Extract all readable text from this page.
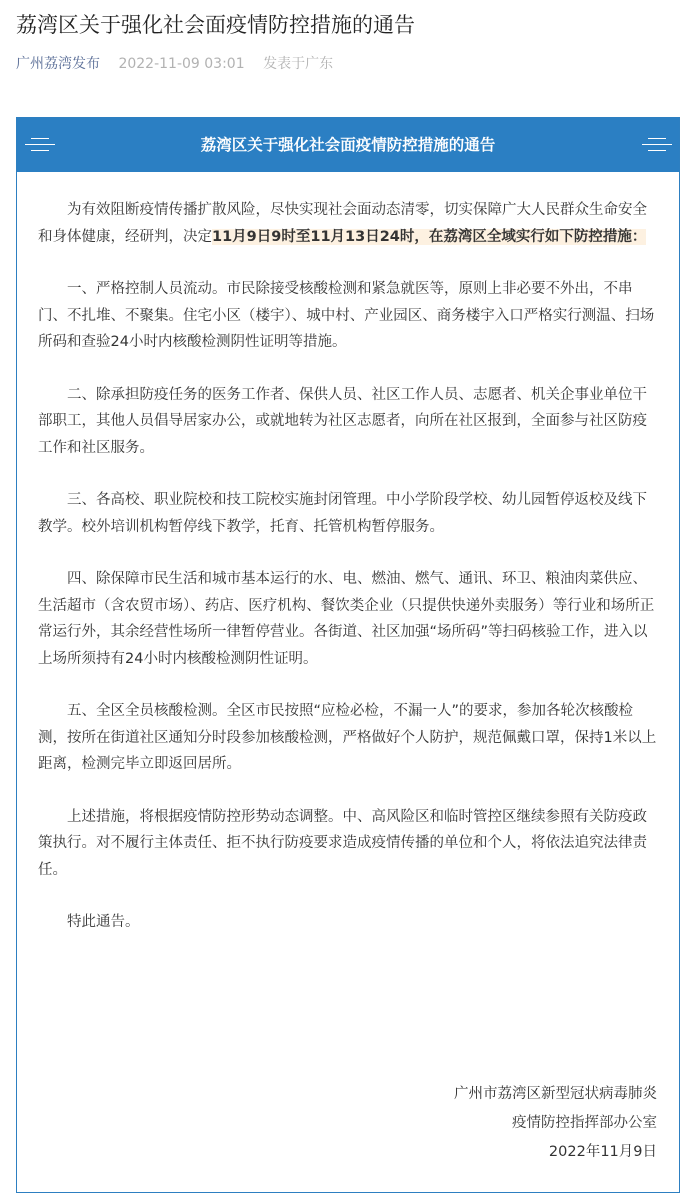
荔湾区关于强化社会面疫情防控措施的通告
广州荔湾发布 2022-11-09 03:01 发表于广东
荔湾区关于强化社会面疫情防控措施的通告

为有效阻断疫情传播扩散风险，尽快实现社会面动态清零，切实保障广大人民群众生命安全和身体健康，经研判，决定11月9日9时至11月13日24时，在荔湾区全域实行如下防控措施：

一、严格控制人员流动。市民除接受核酸检测和紧急就医等，原则上非必要不外出，不串门、不扎堆、不聚集。住宅小区（楼宇）、城中村、产业园区、商务楼宇入口严格实行测温、扫场所码和查验24小时内核酸检测阴性证明等措施。

二、除承担防疫任务的医务工作者、保供人员、社区工作人员、志愿者、机关企事业单位干部职工，其他人员倡导居家办公，或就地转为社区志愿者，向所在社区报到，全面参与社区防疫工作和社区服务。

三、各高校、职业院校和技工院校实施封闭管理。中小学阶段学校、幼儿园暂停返校及线下教学。校外培训机构暂停线下教学，托育、托管机构暂停服务。

四、除保障市民生活和城市基本运行的水、电、燃油、燃气、通讯、环卫、粮油肉菜供应、生活超市（含农贸市场）、药店、医疗机构、餐饮类企业（只提供快递外卖服务）等行业和场所正常运行外，其余经营性场所一律暂停营业。各街道、社区加强“场所码”等扫码核验工作，进入以上场所须持有24小时内核酸检测阴性证明。

五、全区全员核酸检测。全区市民按照“应检必检，不漏一人”的要求，参加各轮次核酸检测，按所在街道社区通知分时段参加核酸检测，严格做好个人防护，规范佩戴口罩，保持1米以上距离，检测完毕立即返回居所。

上述措施，将根据疫情防控形势动态调整。中、高风险区和临时管控区继续参照有关防疫政策执行。对不履行主体责任、拒不执行防疫要求造成疫情传播的单位和个人，将依法追究法律责任。

特此通告。

广州市荔湾区新型冠状病毒肺炎
疫情防控指挥部办公室
2022年11月9日
